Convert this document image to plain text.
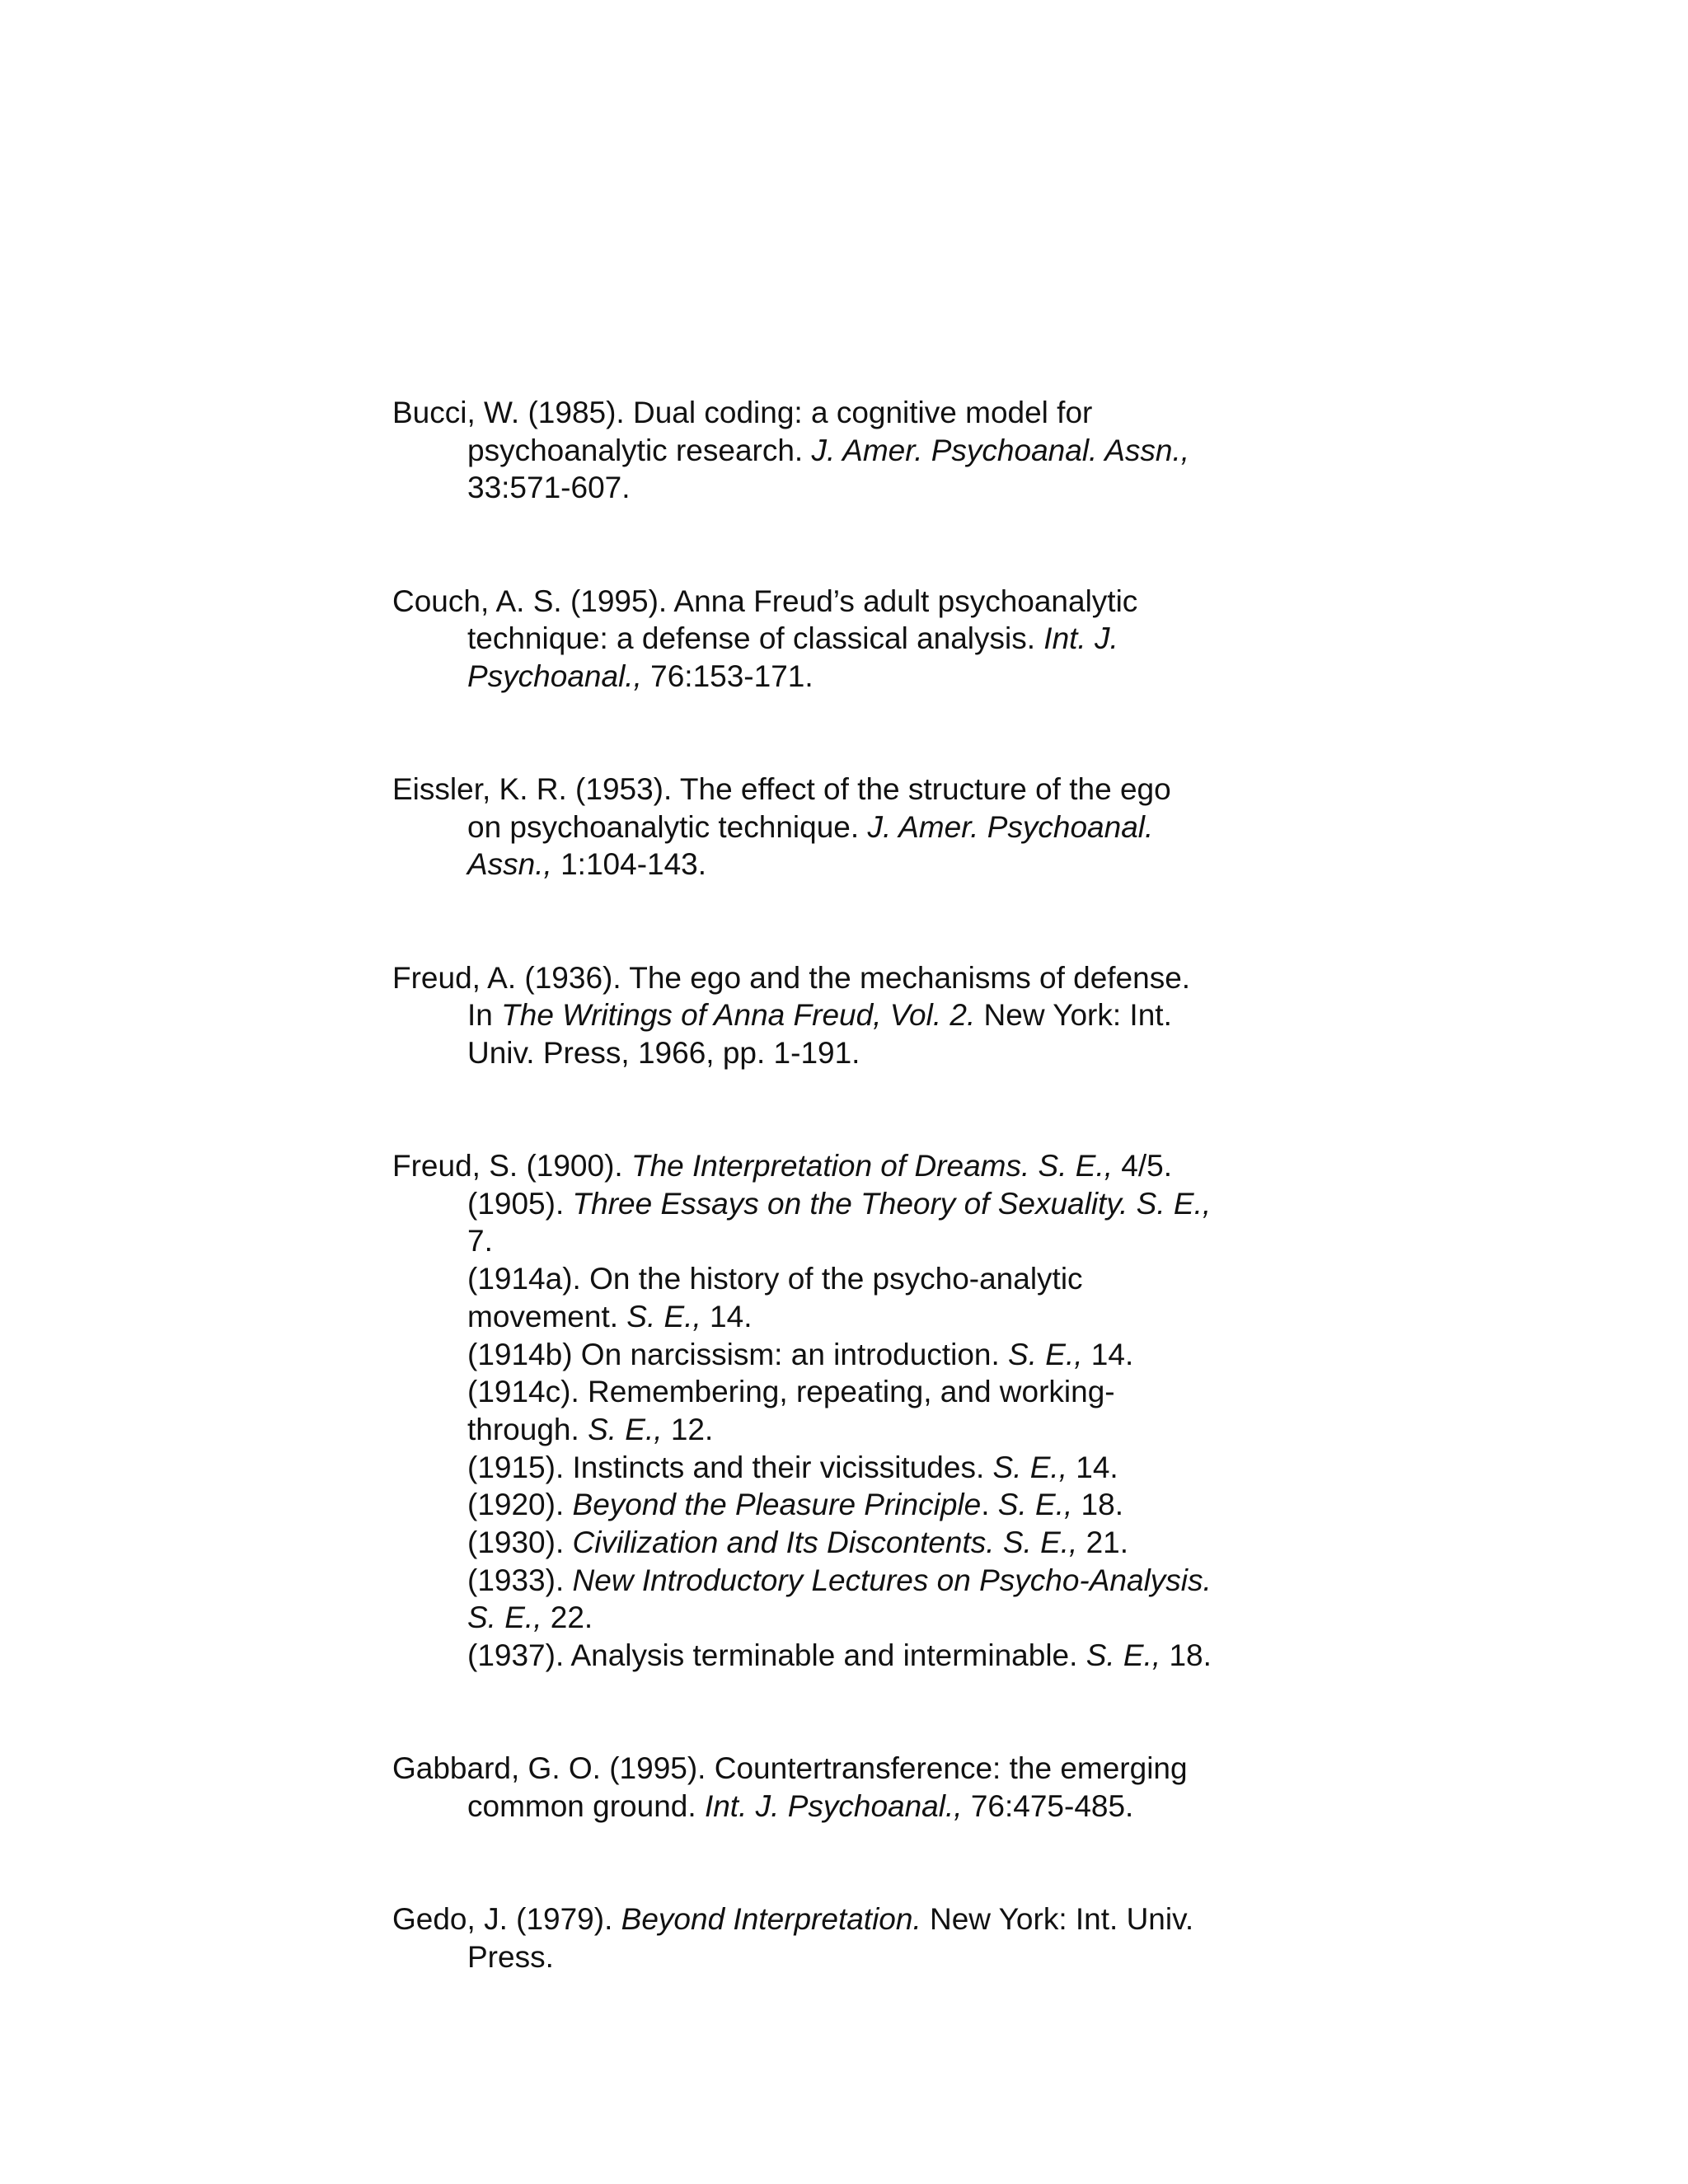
Bucci, W. (1985). Dual coding: a cognitive model for
psychoanalytic research. J. Amer. Psychoanal. Assn.,
33:571-607.
Couch, A. S. (1995). Anna Freud’s adult psychoanalytic
technique: a defense of classical analysis. Int. J.
Psychoanal., 76:153-171.
Eissler, K. R. (1953). The effect of the structure of the ego
on psychoanalytic technique. J. Amer. Psychoanal.
Assn., 1:104-143.
Freud, A. (1936). The ego and the mechanisms of defense.
In The Writings of Anna Freud, Vol. 2. New York: Int.
Univ. Press, 1966, pp. 1-191.
Freud, S. (1900). The Interpretation of Dreams. S. E., 4/5.
(1905). Three Essays on the Theory of Sexuality. S. E.,
7.
(1914a). On the history of the psycho-analytic
movement. S. E., 14.
(1914b) On narcissism: an introduction. S. E., 14.
(1914c). Remembering, repeating, and working-
through. S. E., 12.
(1915). Instincts and their vicissitudes. S. E., 14.
(1920). Beyond the Pleasure Principle. S. E., 18.
(1930). Civilization and Its Discontents. S. E., 21.
(1933). New Introductory Lectures on Psycho-Analysis.
S. E., 22.
(1937). Analysis terminable and interminable. S. E., 18.
Gabbard, G. O. (1995). Countertransference: the emerging
common ground. Int. J. Psychoanal., 76:475-485.
Gedo, J. (1979). Beyond Interpretation. New York: Int. Univ.
Press.
